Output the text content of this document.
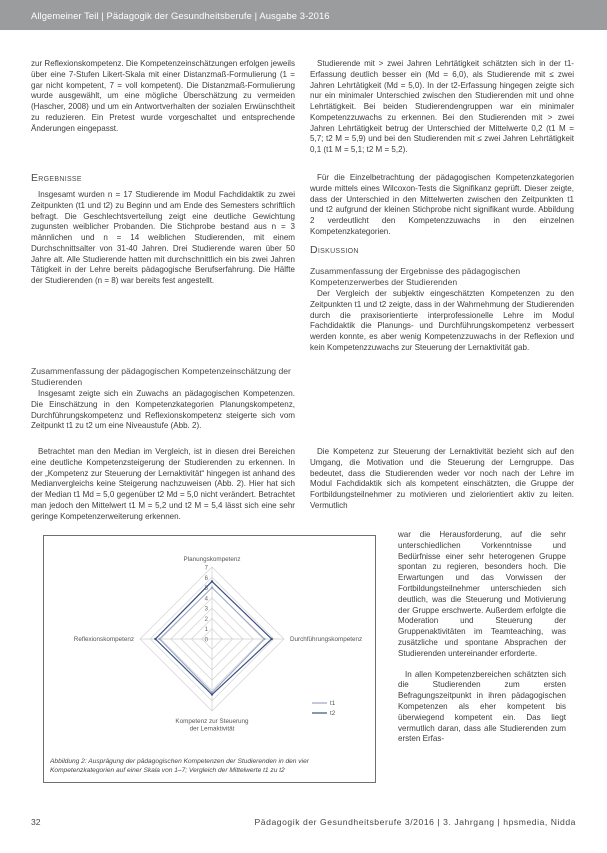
Allgemeiner Teil | Pädagogik der Gesundheitsberufe | Ausgabe 3-2016

zur Reflexionskompetenz. Die Kompetenzeinschätzungen erfolgen jeweils über eine 7-Stufen Likert-Skala mit einer Distanzmaß-Formulierung (1 = gar nicht kompetent, 7 = voll kompetent). Die Distanzmaß-Formulierung wurde ausgewählt, um eine mögliche Überschätzung zu vermeiden (Hascher, 2008) und um ein Antwortverhalten der sozialen Erwünschtheit zu reduzieren. Ein Pretest wurde vorgeschaltet und entsprechende Änderungen eingepasst.

Ergebnisse

Insgesamt wurden n = 17 Studierende im Modul Fachdidaktik zu zwei Zeitpunkten (t1 und t2) zu Beginn und am Ende des Semesters schriftlich befragt. Die Geschlechtsverteilung zeigt eine deutliche Gewichtung zugunsten weiblicher Probanden. Die Stichprobe bestand aus n = 3 männlichen und n = 14 weiblichen Studierenden, mit einem Durchschnittsalter von 31-40 Jahren. Drei Studierende waren über 50 Jahre alt. Alle Studierende hatten mit durchschnittlich ein bis zwei Jahren Tätigkeit in der Lehre bereits pädagogische Berufserfahrung. Die Hälfte der Studierenden (n = 8) war bereits fest angestellt.

Zusammenfassung der pädagogischen Kompetenzeinschätzung der Studierenden

Insgesamt zeigte sich ein Zuwachs an pädagogischen Kompetenzen. Die Einschätzung in den Kompetenzkategorien Planungskompetenz, Durchführungskompetenz und Reflexionskompetenz steigerte sich vom Zeitpunkt t1 zu t2 um eine Niveaustufe (Abb. 2).

Betrachtet man den Median im Vergleich, ist in diesen drei Bereichen eine deutliche Kompetenzsteigerung der Studierenden zu erkennen. In der „Kompetenz zur Steuerung der Lernaktivität“ hingegen ist anhand des Medianvergleichs keine Steigerung nachzuweisen (Abb. 2). Hier hat sich der Median t1 Md = 5,0 gegenüber t2 Md = 5,0 nicht verändert. Betrachtet man jedoch den Mittelwert t1 M = 5,2 und t2 M = 5,4 lässt sich eine sehr geringe Kompetenzerweiterung erkennen.

Studierende mit > zwei Jahren Lehrtätigkeit schätzten sich in der t1-Erfassung deutlich besser ein (Md = 6,0), als Studierende mit ≤ zwei Jahren Lehrtätigkeit (Md = 5,0). In der t2-Erfassung hingegen zeigte sich nur ein minimaler Unterschied zwischen den Studierenden mit und ohne Lehrtätigkeit. Bei beiden Studierendengruppen war ein minimaler Kompetenzzuwachs zu erkennen. Bei den Studierenden mit > zwei Jahren Lehrtätigkeit betrug der Unterschied der Mittelwerte 0,2 (t1 M = 5,7; t2 M = 5,9) und bei den Studierenden mit ≤ zwei Jahren Lehrtätigkeit 0,1 (t1 M = 5,1; t2 M = 5,2).

Für die Einzelbetrachtung der pädagogischen Kompetenzkategorien wurde mittels eines Wilcoxon-Tests die Signifikanz geprüft. Dieser zeigte, dass der Unterschied in den Mittelwerten zwischen den Zeitpunkten t1 und t2 aufgrund der kleinen Stichprobe nicht signifikant wurde. Abbildung 2 verdeutlicht den Kompetenzzuwachs in den einzelnen Kompetenzkategorien.

Diskussion
Zusammenfassung der Ergebnisse des pädagogischen Kompetenzerwerbes der Studierenden

Der Vergleich der subjektiv eingeschätzten Kompetenzen zu den Zeitpunkten t1 und t2 zeigte, dass in der Wahrnehmung der Studierenden durch die praxisorientierte interprofessionelle Lehre im Modul Fachdidaktik die Planungs- und Durchführungskompetenz verbessert werden konnte, es aber wenig Kompetenzzuwachs in der Reflexion und kein Kompetenzzuwachs zur Steuerung der Lernaktivität gab.

Die Kompetenz zur Steuerung der Lernaktivität bezieht sich auf den Umgang, die Motivation und die Steuerung der Lerngruppe. Das bedeutet, dass die Studierenden weder vor noch nach der Lehre im Modul Fachdidaktik sich als kompetent einschätzten, die Gruppe der Fortbildungsteilnehmer zu motivieren und zielorientiert aktiv zu leiten. Vermutlich

war die Herausforderung, auf die sehr unterschiedlichen Vorkenntnisse und Bedürfnisse einer sehr heterogenen Gruppe spontan zu regieren, besonders hoch. Die Erwartungen und das Vorwissen der Fortbildungsteilnehmer unterschieden sich deutlich, was die Steuerung und Motivierung der Gruppe erschwerte. Außerdem erfolgte die Moderation und Steuerung der Gruppenaktivitäten im Teamteaching, was zusätzliche und spontane Absprachen der Studierenden untereinander erforderte.

In allen Kompetenzbereichen schätzten sich die Studierenden zum ersten Befragungszeitpunkt in ihren pädagogischen Kompetenzen als eher kompetent bis überwiegend kompetent ein. Das liegt vermutlich daran, dass alle Studierenden zum ersten Erfas-

0
1
2
3
4
5
6
7
Planungskompetenz
Durchführungskompetenz
Kompetenz zur Steuerung der Lernaktivität
Reflexionskompetenz
t1
t2
Abbildung 2: Ausprägung der pädagogischen Kompetenzen der Studierenden in den vier Kompetenzkategorien auf einer Skala von 1–7; Vergleich der Mittelwerte t1 zu t2
32	Pädagogik der Gesundheitsberufe 3/2016 | 3. Jahrgang | hpsmedia, Nidda
